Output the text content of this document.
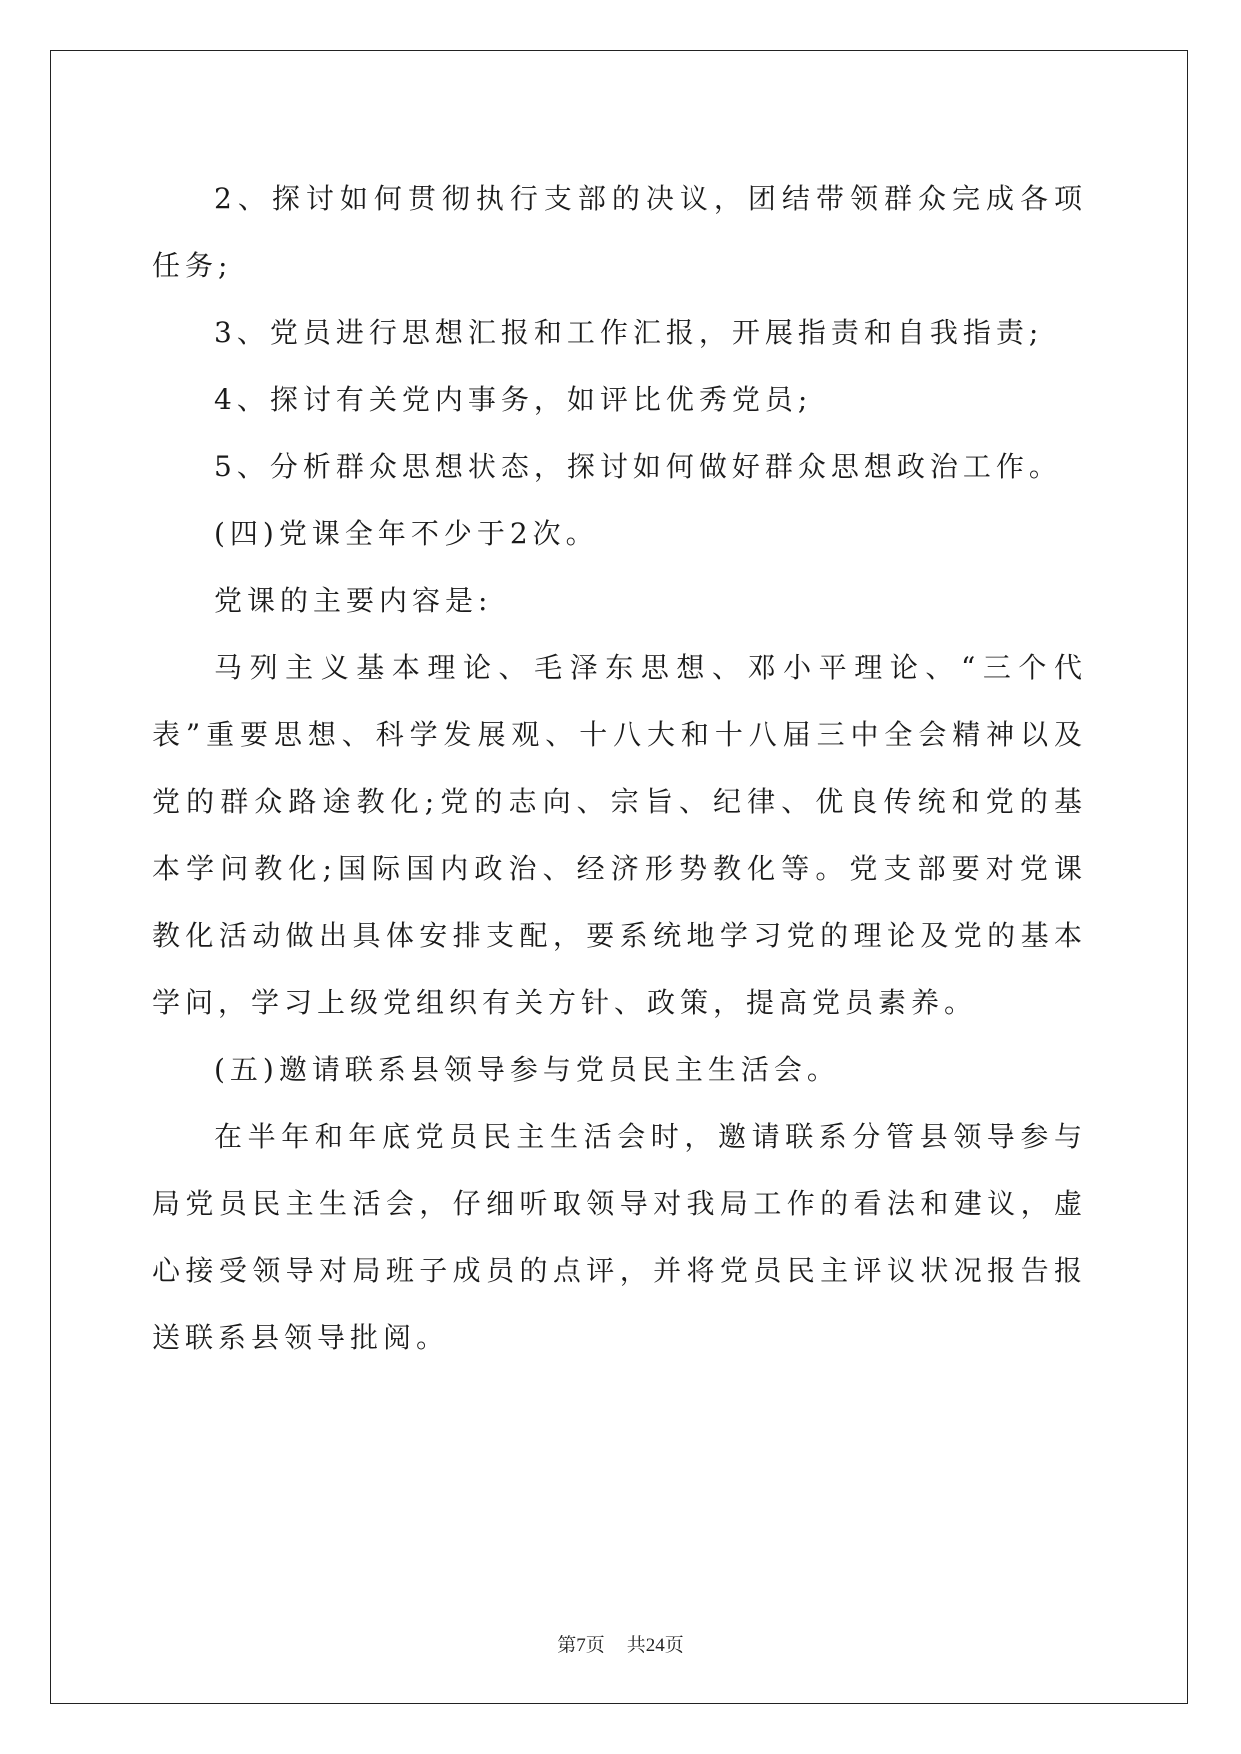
2、探讨如何贯彻执行支部的决议，团结带领群众完成各项任务;

3、党员进行思想汇报和工作汇报，开展指责和自我指责;

4、探讨有关党内事务，如评比优秀党员;

5、分析群众思想状态，探讨如何做好群众思想政治工作。

(四)党课全年不少于2次。

党课的主要内容是:

马列主义基本理论、毛泽东思想、邓小平理论、“三个代 表”重要思想、科学发展观、十八大和十八届三中全会精神以及党的群众路途教化;党的志向、宗旨、纪律、优良传统和党的基本学问教化;国际国内政治、经济形势教化等。党支部要对党课教化活动做出具体安排支配，要系统地学习党的理论及党的基本学问，学习上级党组织有关方针、政策，提高党员素养。

(五)邀请联系县领导参与党员民主生活会。

在半年和年底党员民主生活会时，邀请联系分管县领导参与局党员民主生活会，仔细听取领导对我局工作的看法和建议，虚心接受领导对局班子成员的点评，并将党员民主评议状况报告报送联系县领导批阅。

第7页 共24页
